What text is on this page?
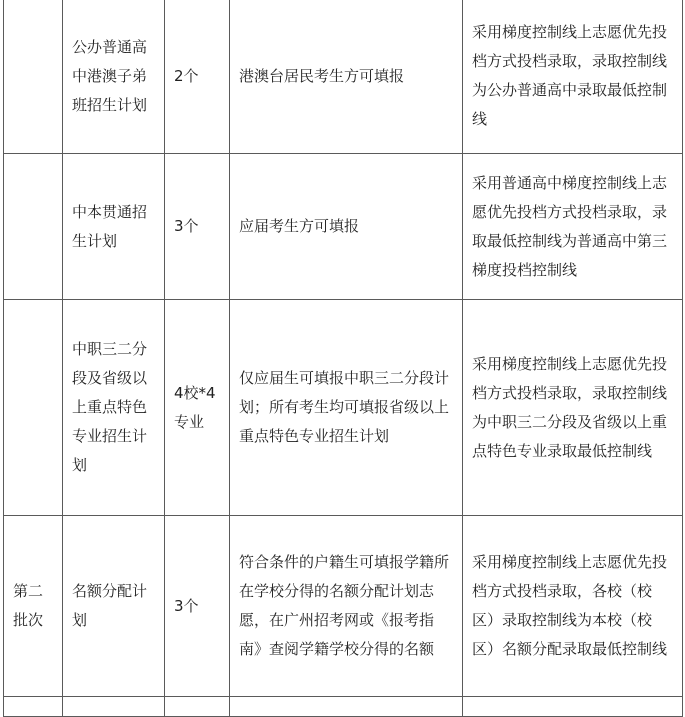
	公办普通高中港澳子弟班招生计划	2个	港澳台居民考生方可填报	采用梯度控制线上志愿优先投档方式投档录取，录取控制线为公办普通高中录取最低控制线
	中本贯通招生计划	3个	应届考生方可填报	采用普通高中梯度控制线上志愿优先投档方式投档录取，录取最低控制线为普通高中第三梯度投档控制线
	中职三二分段及省级以上重点特色专业招生计划	4校*4专业	仅应届生可填报中职三二分段计划；所有考生均可填报省级以上重点特色专业招生计划	采用梯度控制线上志愿优先投档方式投档录取，录取控制线为中职三二分段及省级以上重点特色专业录取最低控制线
第二批次	名额分配计划	3个	符合条件的户籍生可填报学籍所在学校分得的名额分配计划志愿，在广州招考网或《报考指南》查阅学籍学校分得的名额	采用梯度控制线上志愿优先投档方式投档录取，各校（校区）录取控制线为本校（校区）名额分配录取最低控制线
